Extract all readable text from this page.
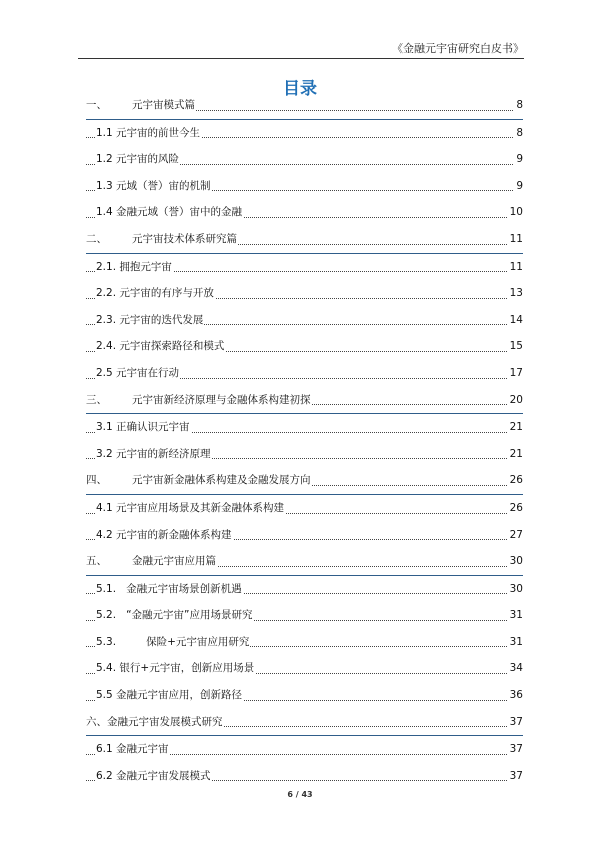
《金融元宇宙研究白皮书》
目录
一、 元宇宙模式篇	8
1.1 元宇宙的前世今生	8
1.2 元宇宙的风险	9
1.3 元域（誉）宙的机制	9
1.4 金融元域（誉）宙中的金融	10
二、 元宇宙技术体系研究篇	11
2.1. 拥抱元宇宙	11
2.2. 元宇宙的有序与开放	13
2.3. 元宇宙的迭代发展	14
2.4. 元宇宙探索路径和模式	15
2.5 元宇宙在行动	17
三、 元宇宙新经济原理与金融体系构建初探	20
3.1 正确认识元宇宙	21
3.2 元宇宙的新经济原理	21
四、 元宇宙新金融体系构建及金融发展方向	26
4.1 元宇宙应用场景及其新金融体系构建	26
4.2 元宇宙的新金融体系构建	27
五、 金融元宇宙应用篇	30
5.1.   金融元宇宙场景创新机遇	30
5.2.   “金融元宇宙”应用场景研究	31
5.3.         保险+元宇宙应用研究	31
5.4. 银行+元宇宙，创新应用场景	34
5.5 金融元宇宙应用，创新路径	36
六、金融元宇宙发展模式研究	37
6.1 金融元宇宙	37
6.2 金融元宇宙发展模式	37
6 / 43
